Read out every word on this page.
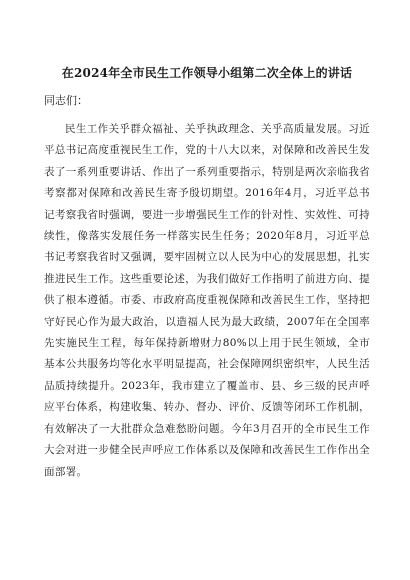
在2024年全市民生工作领导小组第二次全体上的讲话

同志们：

民生工作关乎群众福祉、关乎执政理念、关乎高质量发展。习近平总书记高度重视民生工作，党的十八大以来，对保障和改善民生发表了一系列重要讲话、作出了一系列重要指示，特别是两次亲临我省考察都对保障和改善民生寄予殷切期望。2016年4月，习近平总书记考察我省时强调，要进一步增强民生工作的针对性、实效性、可持续性，像落实发展任务一样落实民生任务；2020年8月，习近平总书记考察我省时又强调，要牢固树立以人民为中心的发展思想，扎实推进民生工作。这些重要论述，为我们做好工作指明了前进方向、提供了根本遵循。市委、市政府高度重视保障和改善民生工作，坚持把守好民心作为最大政治，以造福人民为最大政绩，2007年在全国率先实施民生工程，每年保持新增财力80%以上用于民生领域，全市基本公共服务均等化水平明显提高，社会保障网织密织牢，人民生活品质持续提升。2023年，我市建立了覆盖市、县、乡三级的民声呼应平台体系，构建收集、转办、督办、评价、反馈等闭环工作机制，有效解决了一大批群众急难愁盼问题。今年3月召开的全市民生工作大会对进一步健全民声呼应工作体系以及保障和改善民生工作作出全面部署。
